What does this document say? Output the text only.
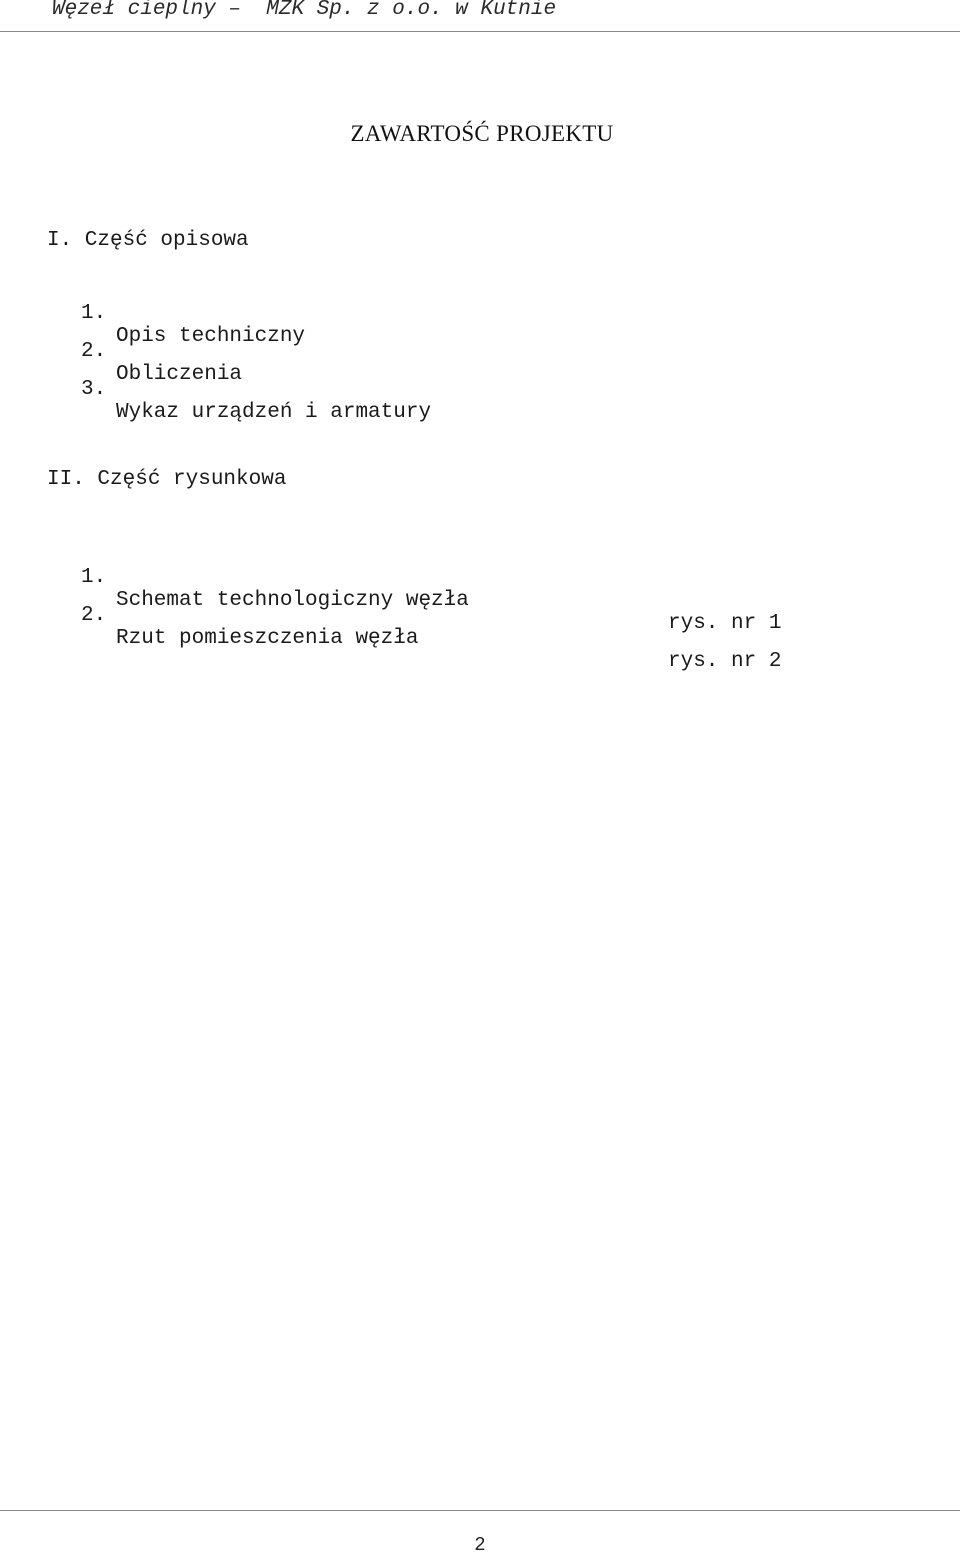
Węzeł cieplny –  MZK Sp. z o.o. w Kutnie
ZAWARTOŚĆ PROJEKTU
I. Część opisowa

1.

Opis techniczny

2.

Obliczenia

3.

Wykaz urządzeń i armatury

II. Część rysunkowa

1.

Schemat technologiczny węzła

rys. nr 1

2.

Rzut pomieszczenia węzła

rys. nr 2

2
